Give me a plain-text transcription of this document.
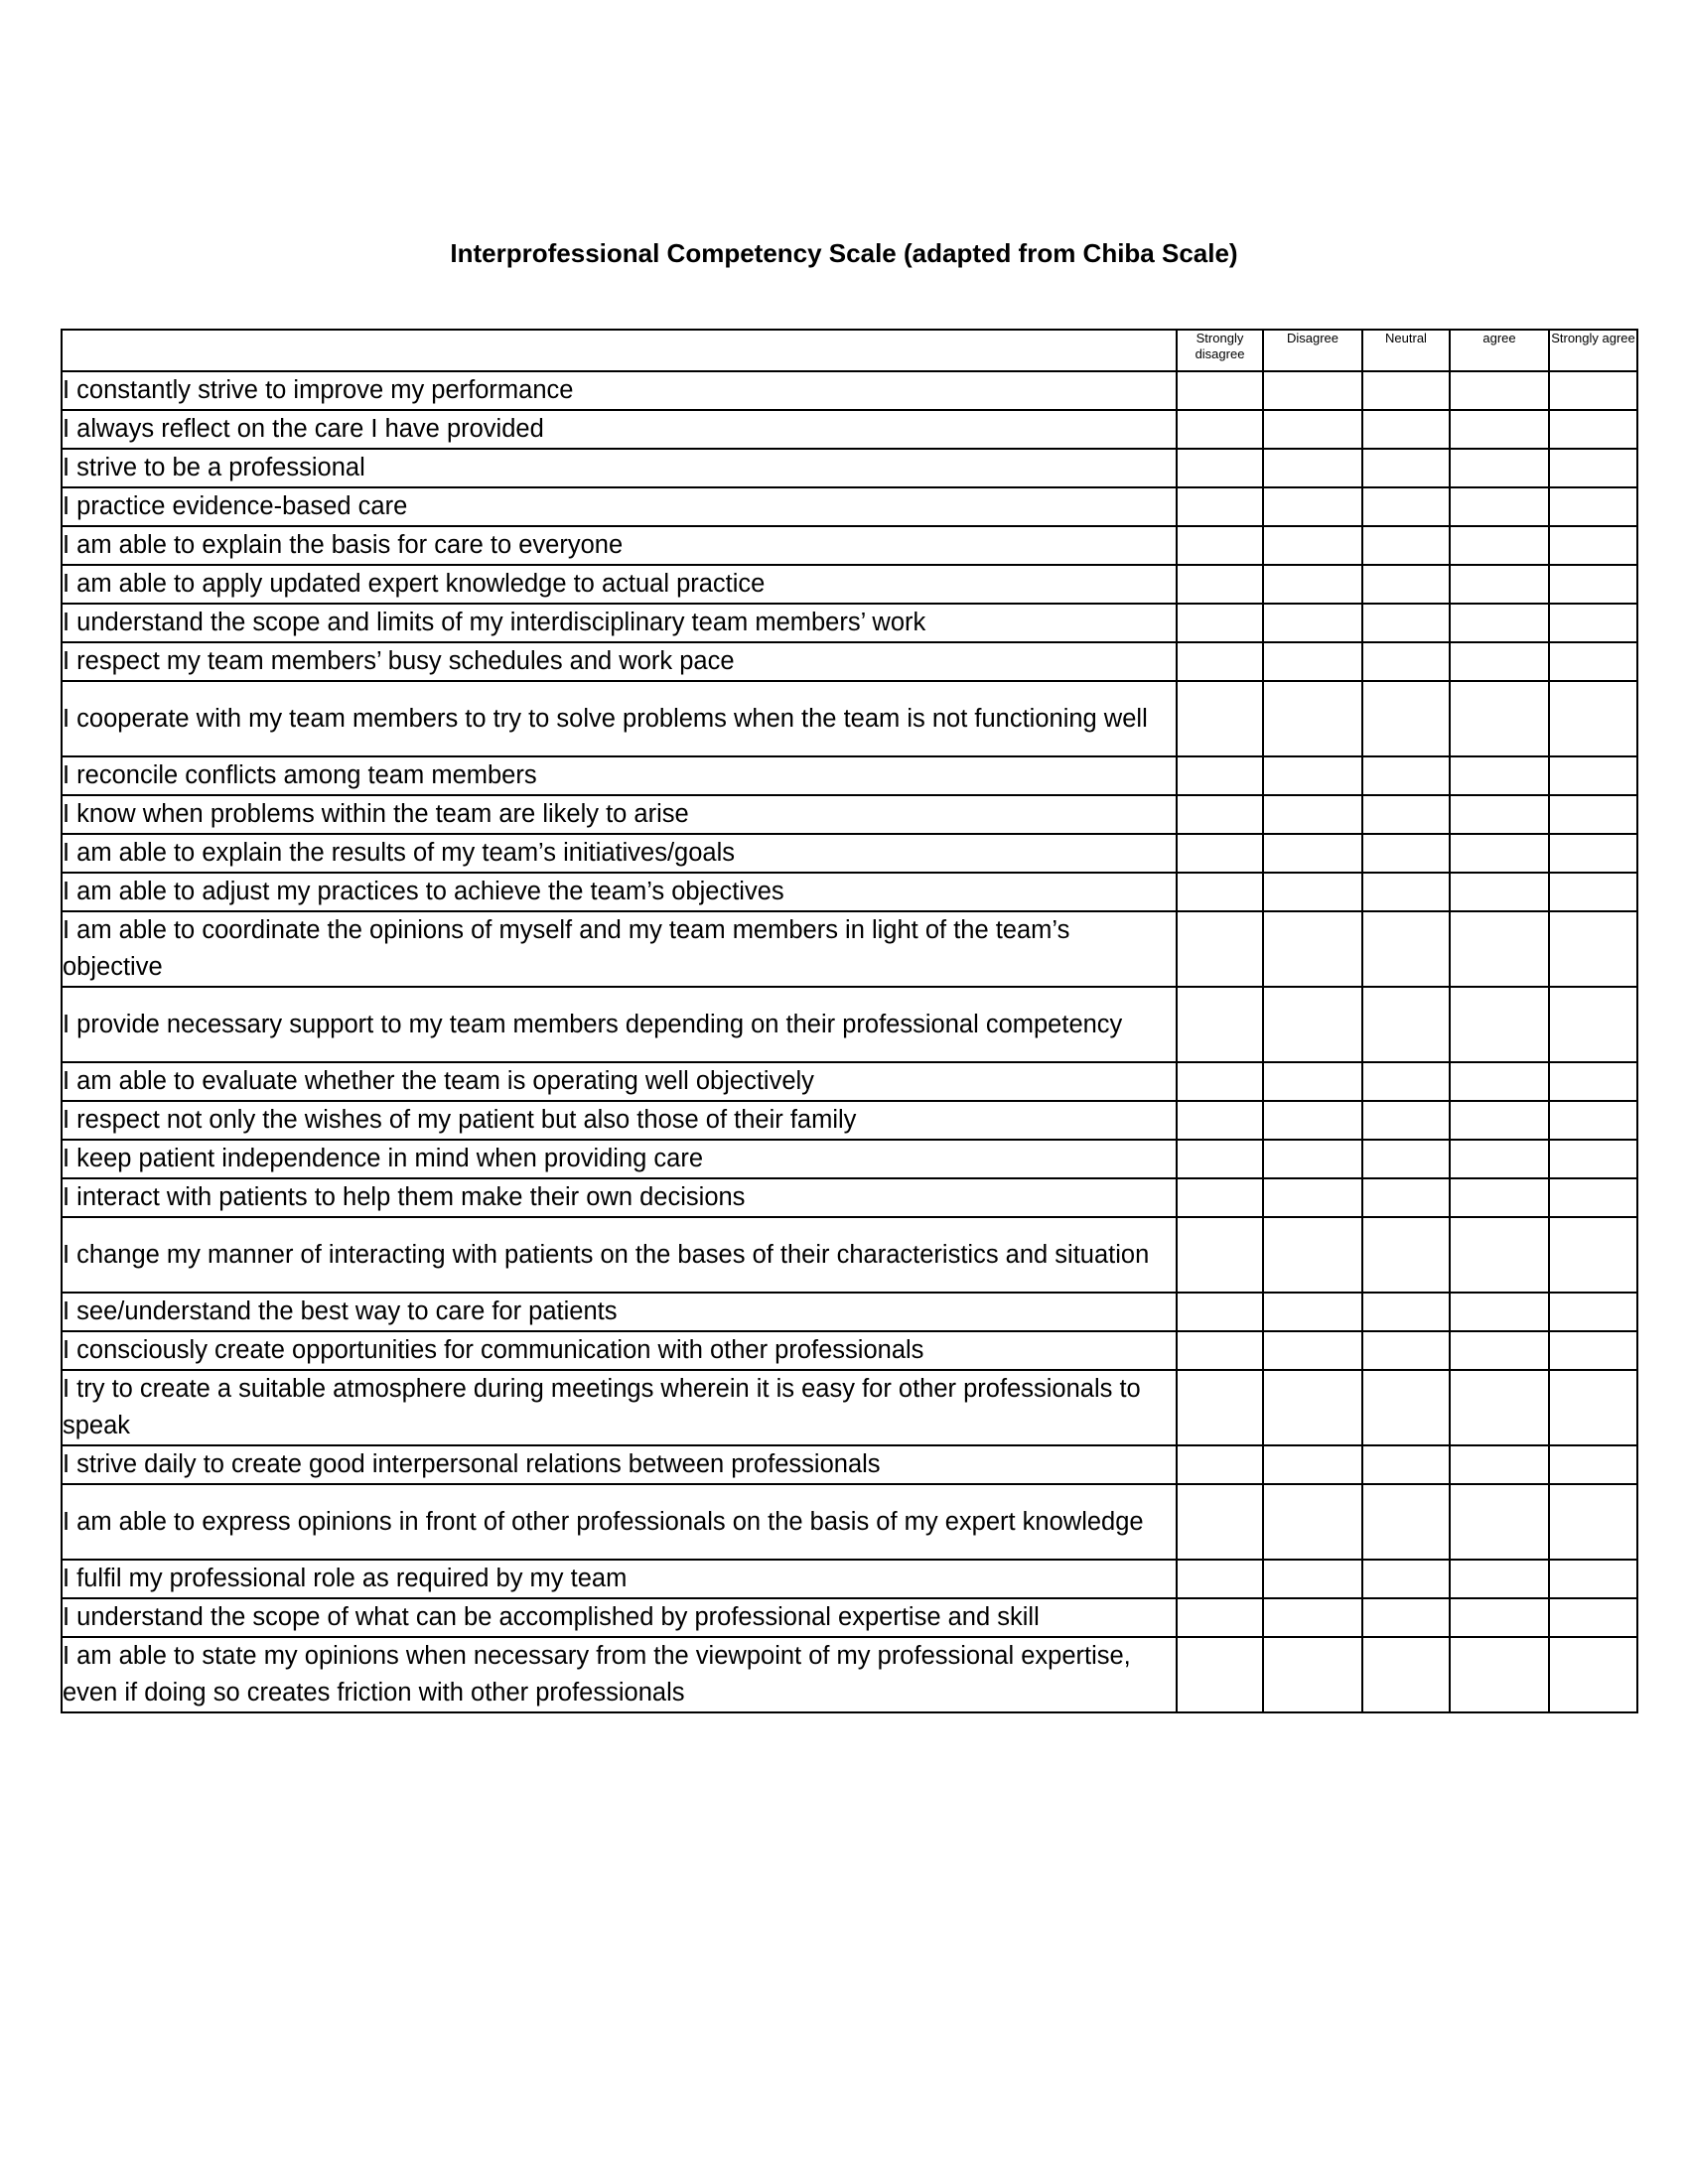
Interprofessional Competency Scale (adapted from Chiba Scale)

	Strongly disagree	Disagree	Neutral	agree	Strongly agree

I constantly strive to improve my performance					
I always reflect on the care I have provided					
I strive to be a professional					
I practice evidence-based care					
I am able to explain the basis for care to everyone					
I am able to apply updated expert knowledge to actual practice					
I understand the scope and limits of my interdisciplinary team members’ work					
I respect my team members’ busy schedules and work pace					
I cooperate with my team members to try to solve problems when the team is not functioning well					
I reconcile conflicts among team members					
I know when problems within the team are likely to arise					
I am able to explain the results of my team’s initiatives/goals					
I am able to adjust my practices to achieve the team’s objectives					
I am able to coordinate the opinions of myself and my team members in light of the team’s objective					
I provide necessary support to my team members depending on their professional competency					
I am able to evaluate whether the team is operating well objectively					
I respect not only the wishes of my patient but also those of their family					
I keep patient independence in mind when providing care					
I interact with patients to help them make their own decisions					
I change my manner of interacting with patients on the bases of their characteristics and situation					
I see/understand the best way to care for patients					
I consciously create opportunities for communication with other professionals					
I try to create a suitable atmosphere during meetings wherein it is easy for other professionals to speak					
I strive daily to create good interpersonal relations between professionals					
I am able to express opinions in front of other professionals on the basis of my expert knowledge					
I fulfil my professional role as required by my team					
I understand the scope of what can be accomplished by professional expertise and skill					
I am able to state my opinions when necessary from the viewpoint of my professional expertise, even if doing so creates friction with other professionals					
